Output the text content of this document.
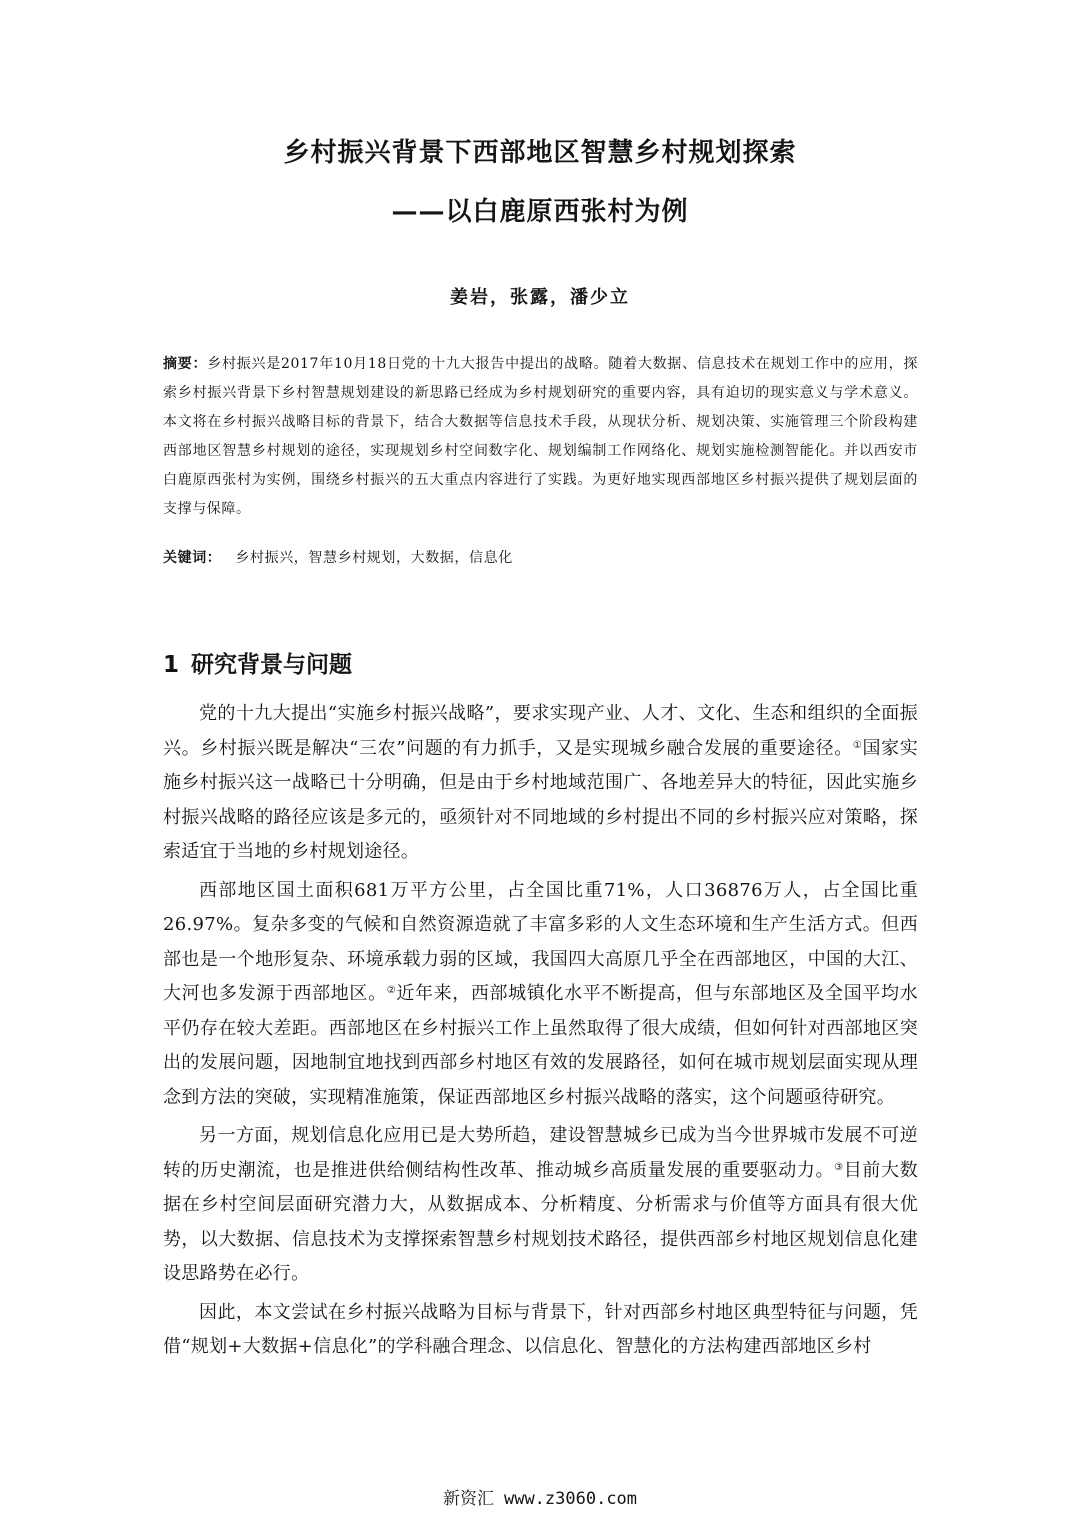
乡村振兴背景下西部地区智慧乡村规划探索
——以白鹿原西张村为例
姜岩，张露，潘少立
摘要：乡村振兴是2017年10月18日党的十九大报告中提出的战略。随着大数据、信息技术在规划工作中的应用，探索乡村振兴背景下乡村智慧规划建设的新思路已经成为乡村规划研究的重要内容，具有迫切的现实意义与学术意义。本文将在乡村振兴战略目标的背景下，结合大数据等信息技术手段，从现状分析、规划决策、实施管理三个阶段构建西部地区智慧乡村规划的途径，实现规划乡村空间数字化、规划编制工作网络化、规划实施检测智能化。并以西安市白鹿原西张村为实例，围绕乡村振兴的五大重点内容进行了实践。为更好地实现西部地区乡村振兴提供了规划层面的支撑与保障。
关键词： 乡村振兴，智慧乡村规划，大数据，信息化
1 研究背景与问题

党的十九大提出“实施乡村振兴战略”，要求实现产业、人才、文化、生态和组织的全面振兴。乡村振兴既是解决“三农”问题的有力抓手，又是实现城乡融合发展的重要途径。①国家实施乡村振兴这一战略已十分明确，但是由于乡村地域范围广、各地差异大的特征，因此实施乡村振兴战略的路径应该是多元的，亟须针对不同地域的乡村提出不同的乡村振兴应对策略，探索适宜于当地的乡村规划途径。

西部地区国土面积681万平方公里，占全国比重71%，人口36876万人，占全国比重26.97%。复杂多变的气候和自然资源造就了丰富多彩的人文生态环境和生产生活方式。但西部也是一个地形复杂、环境承载力弱的区域，我国四大高原几乎全在西部地区，中国的大江、大河也多发源于西部地区。②近年来，西部城镇化水平不断提高，但与东部地区及全国平均水平仍存在较大差距。西部地区在乡村振兴工作上虽然取得了很大成绩，但如何针对西部地区突出的发展问题，因地制宜地找到西部乡村地区有效的发展路径，如何在城市规划层面实现从理念到方法的突破，实现精准施策，保证西部地区乡村振兴战略的落实，这个问题亟待研究。

另一方面，规划信息化应用已是大势所趋，建设智慧城乡已成为当今世界城市发展不可逆转的历史潮流，也是推进供给侧结构性改革、推动城乡高质量发展的重要驱动力。③目前大数据在乡村空间层面研究潜力大，从数据成本、分析精度、分析需求与价值等方面具有很大优势，以大数据、信息技术为支撑探索智慧乡村规划技术路径，提供西部乡村地区规划信息化建设思路势在必行。

因此，本文尝试在乡村振兴战略为目标与背景下，针对西部乡村地区典型特征与问题，凭借“规划+大数据+信息化”的学科融合理念、以信息化、智慧化的方法构建西部地区乡村

新资汇 www.z3060.com
